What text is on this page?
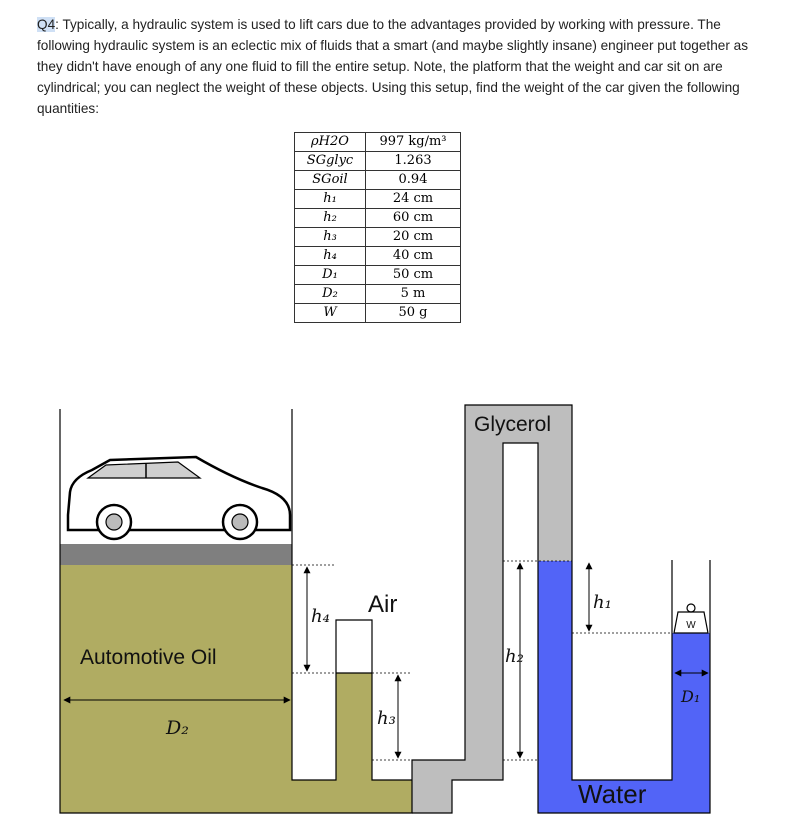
Q4: Typically, a hydraulic system is used to lift cars due to the advantages provided by working with pressure. The following hydraulic system is an eclectic mix of fluids that a smart (and maybe slightly insane) engineer put together as they didn't have enough of any one fluid to fill the entire setup. Note, the platform that the weight and car sit on are cylindrical; you can neglect the weight of these objects. Using this setup, find the weight of the car given the following quantities:

ρH2O	997 kg/m³
SGglyc	1.263
SGoil	0.94
h₁	24 cm
h₂	60 cm
h₃	20 cm
h₄	40 cm
D₁	50 cm
D₂	5 m
W	50 g
W
Automotive Oil
Air
Glycerol
Water
D₂
D₁
h₄
h₃
h₂
h₁
